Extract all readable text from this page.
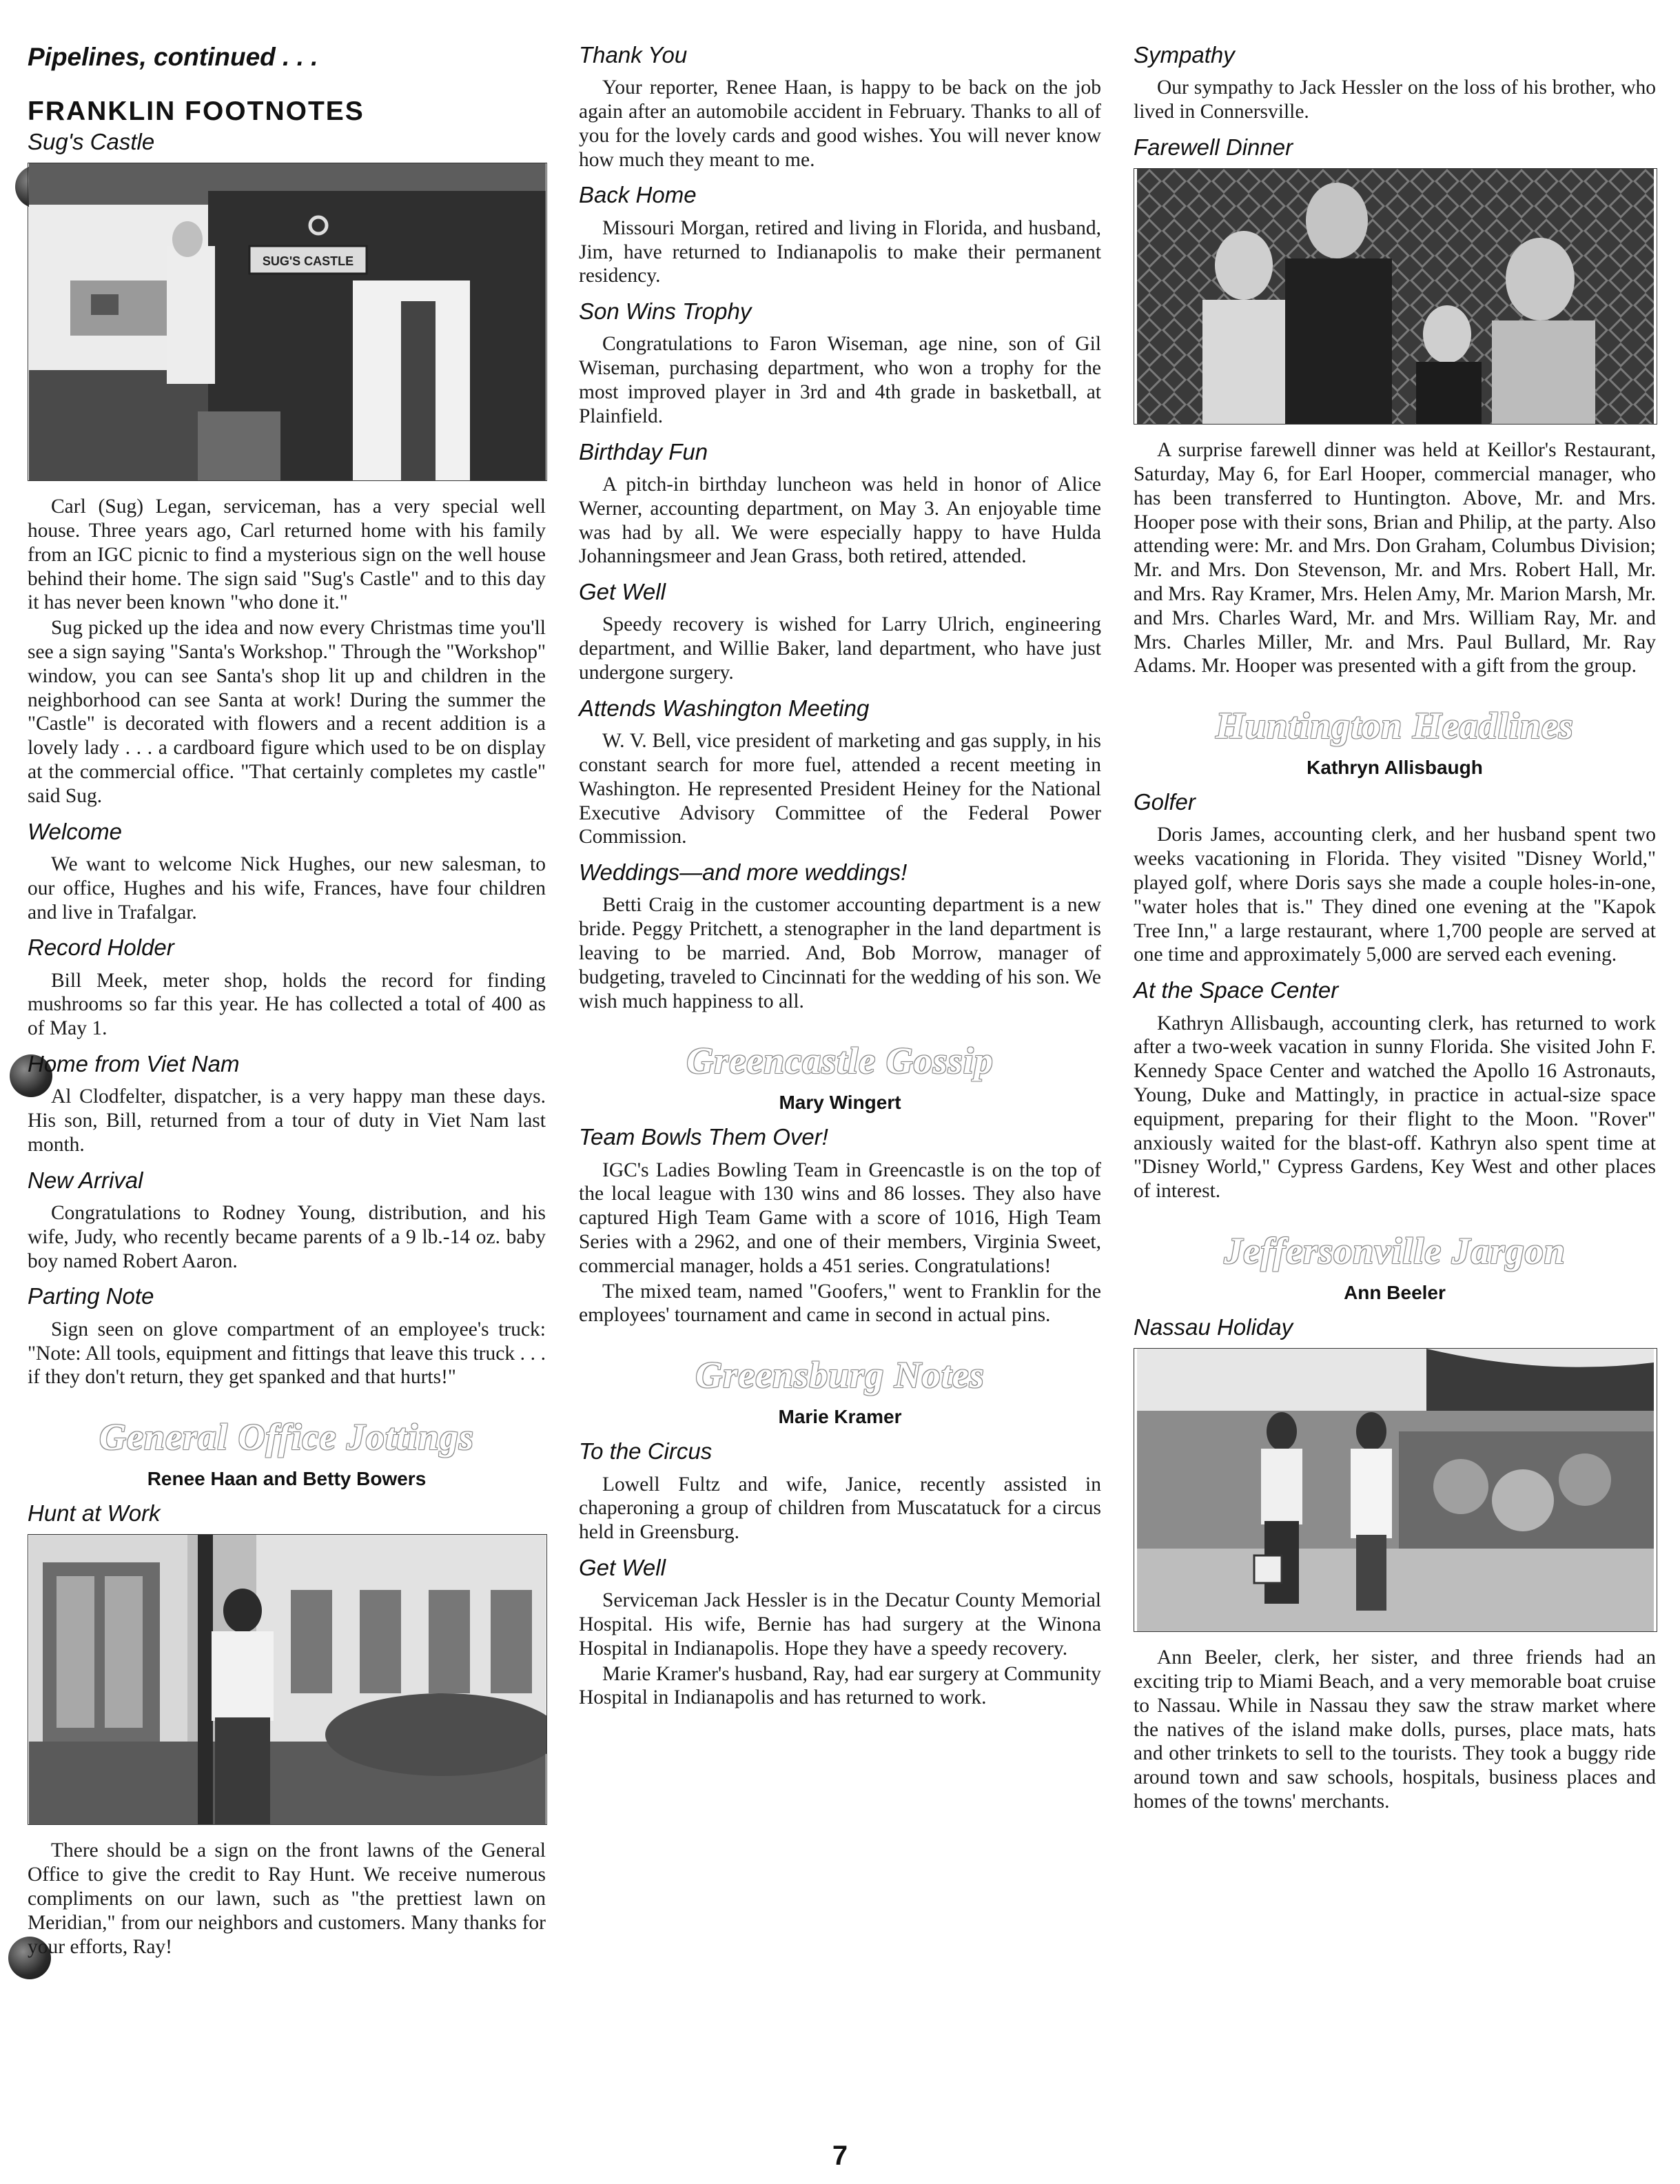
Pipelines, continued . . .
FRANKLIN FOOTNOTES
Sug's Castle
SUG'S CASTLE

Carl (Sug) Legan, serviceman, has a very special well house. Three years ago, Carl returned home with his family from an IGC picnic to find a mysterious sign on the well house behind their home. The sign said "Sug's Castle" and to this day it has never been known "who done it."

Sug picked up the idea and now every Christmas time you'll see a sign saying "Santa's Workshop." Through the "Workshop" window, you can see Santa's shop lit up and children in the neighborhood can see Santa at work! During the summer the "Castle" is decorated with flowers and a recent addition is a lovely lady . . . a cardboard figure which used to be on display at the commercial office. "That certainly completes my castle" said Sug.

Welcome

We want to welcome Nick Hughes, our new salesman, to our office, Hughes and his wife, Frances, have four children and live in Trafalgar.

Record Holder

Bill Meek, meter shop, holds the record for finding mushrooms so far this year. He has collected a total of 400 as of May 1.

Home from Viet Nam

Al Clodfelter, dispatcher, is a very happy man these days. His son, Bill, returned from a tour of duty in Viet Nam last month.

New Arrival

Congratulations to Rodney Young, distribution, and his wife, Judy, who recently became parents of a 9 lb.-14 oz. baby boy named Robert Aaron.

Parting Note

Sign seen on glove compartment of an employee's truck: "Note: All tools, equipment and fittings that leave this truck . . . if they don't return, they get spanked and that hurts!"

General Office Jottings
Renee Haan and Betty Bowers
Hunt at Work

There should be a sign on the front lawns of the General Office to give the credit to Ray Hunt. We receive numerous compliments on our lawn, such as "the prettiest lawn on Meridian," from our neighbors and customers. Many thanks for your efforts, Ray!

Thank You

Your reporter, Renee Haan, is happy to be back on the job again after an automobile accident in February. Thanks to all of you for the lovely cards and good wishes. You will never know how much they meant to me.

Back Home

Missouri Morgan, retired and living in Florida, and husband, Jim, have returned to Indianapolis to make their permanent residency.

Son Wins Trophy

Congratulations to Faron Wiseman, age nine, son of Gil Wiseman, purchasing department, who won a trophy for the most improved player in 3rd and 4th grade in basketball, at Plainfield.

Birthday Fun

A pitch-in birthday luncheon was held in honor of Alice Werner, accounting department, on May 3. An enjoyable time was had by all. We were especially happy to have Hulda Johanningsmeer and Jean Grass, both retired, attended.

Get Well

Speedy recovery is wished for Larry Ulrich, engineering department, and Willie Baker, land department, who have just undergone surgery.

Attends Washington Meeting

W. V. Bell, vice president of marketing and gas supply, in his constant search for more fuel, attended a recent meeting in Washington. He represented President Heiney for the National Executive Advisory Committee of the Federal Power Commission.

Weddings—and more weddings!

Betti Craig in the customer accounting department is a new bride. Peggy Pritchett, a stenographer in the land department is leaving to be married. And, Bob Morrow, manager of budgeting, traveled to Cincinnati for the wedding of his son. We wish much happiness to all.

Greencastle Gossip
Mary Wingert
Team Bowls Them Over!

IGC's Ladies Bowling Team in Greencastle is on the top of the local league with 130 wins and 86 losses. They also have captured High Team Game with a score of 1016, High Team Series with a 2962, and one of their members, Virginia Sweet, commercial manager, holds a 451 series. Congratulations!

The mixed team, named "Goofers," went to Franklin for the employees' tournament and came in second in actual pins.

Greensburg Notes
Marie Kramer
To the Circus

Lowell Fultz and wife, Janice, recently assisted in chaperoning a group of children from Muscatatuck for a circus held in Greensburg.

Get Well

Serviceman Jack Hessler is in the Decatur County Memorial Hospital. His wife, Bernie has had surgery at the Winona Hospital in Indianapolis. Hope they have a speedy recovery.

Marie Kramer's husband, Ray, had ear surgery at Community Hospital in Indianapolis and has returned to work.

Sympathy

Our sympathy to Jack Hessler on the loss of his brother, who lived in Connersville.

Farewell Dinner

A surprise farewell dinner was held at Keillor's Restaurant, Saturday, May 6, for Earl Hooper, commercial manager, who has been transferred to Huntington. Above, Mr. and Mrs. Hooper pose with their sons, Brian and Philip, at the party. Also attending were: Mr. and Mrs. Don Graham, Columbus Division; Mr. and Mrs. Don Stevenson, Mr. and Mrs. Robert Hall, Mr. and Mrs. Ray Kramer, Mrs. Helen Amy, Mr. Marion Marsh, Mr. and Mrs. Charles Ward, Mr. and Mrs. William Ray, Mr. and Mrs. Charles Miller, Mr. and Mrs. Paul Bullard, Mr. Ray Adams. Mr. Hooper was presented with a gift from the group.

Huntington Headlines
Kathryn Allisbaugh
Golfer

Doris James, accounting clerk, and her husband spent two weeks vacationing in Florida. They visited "Disney World," played golf, where Doris says she made a couple holes-in-one, "water holes that is." They dined one evening at the "Kapok Tree Inn," a large restaurant, where 1,700 people are served at one time and approximately 5,000 are served each evening.

At the Space Center

Kathryn Allisbaugh, accounting clerk, has returned to work after a two-week vacation in sunny Florida. She visited John F. Kennedy Space Center and watched the Apollo 16 Astronauts, Young, Duke and Mattingly, in practice in actual-size space equipment, preparing for their flight to the Moon. "Rover" anxiously waited for the blast-off. Kathryn also spent time at "Disney World," Cypress Gardens, Key West and other places of interest.

Jeffersonville Jargon
Ann Beeler
Nassau Holiday

Ann Beeler, clerk, her sister, and three friends had an exciting trip to Miami Beach, and a very memorable boat cruise to Nassau. While in Nassau they saw the straw market where the natives of the island make dolls, purses, place mats, hats and other trinkets to sell to the tourists. They took a buggy ride around town and saw schools, hospitals, business places and homes of the towns' merchants.

7
